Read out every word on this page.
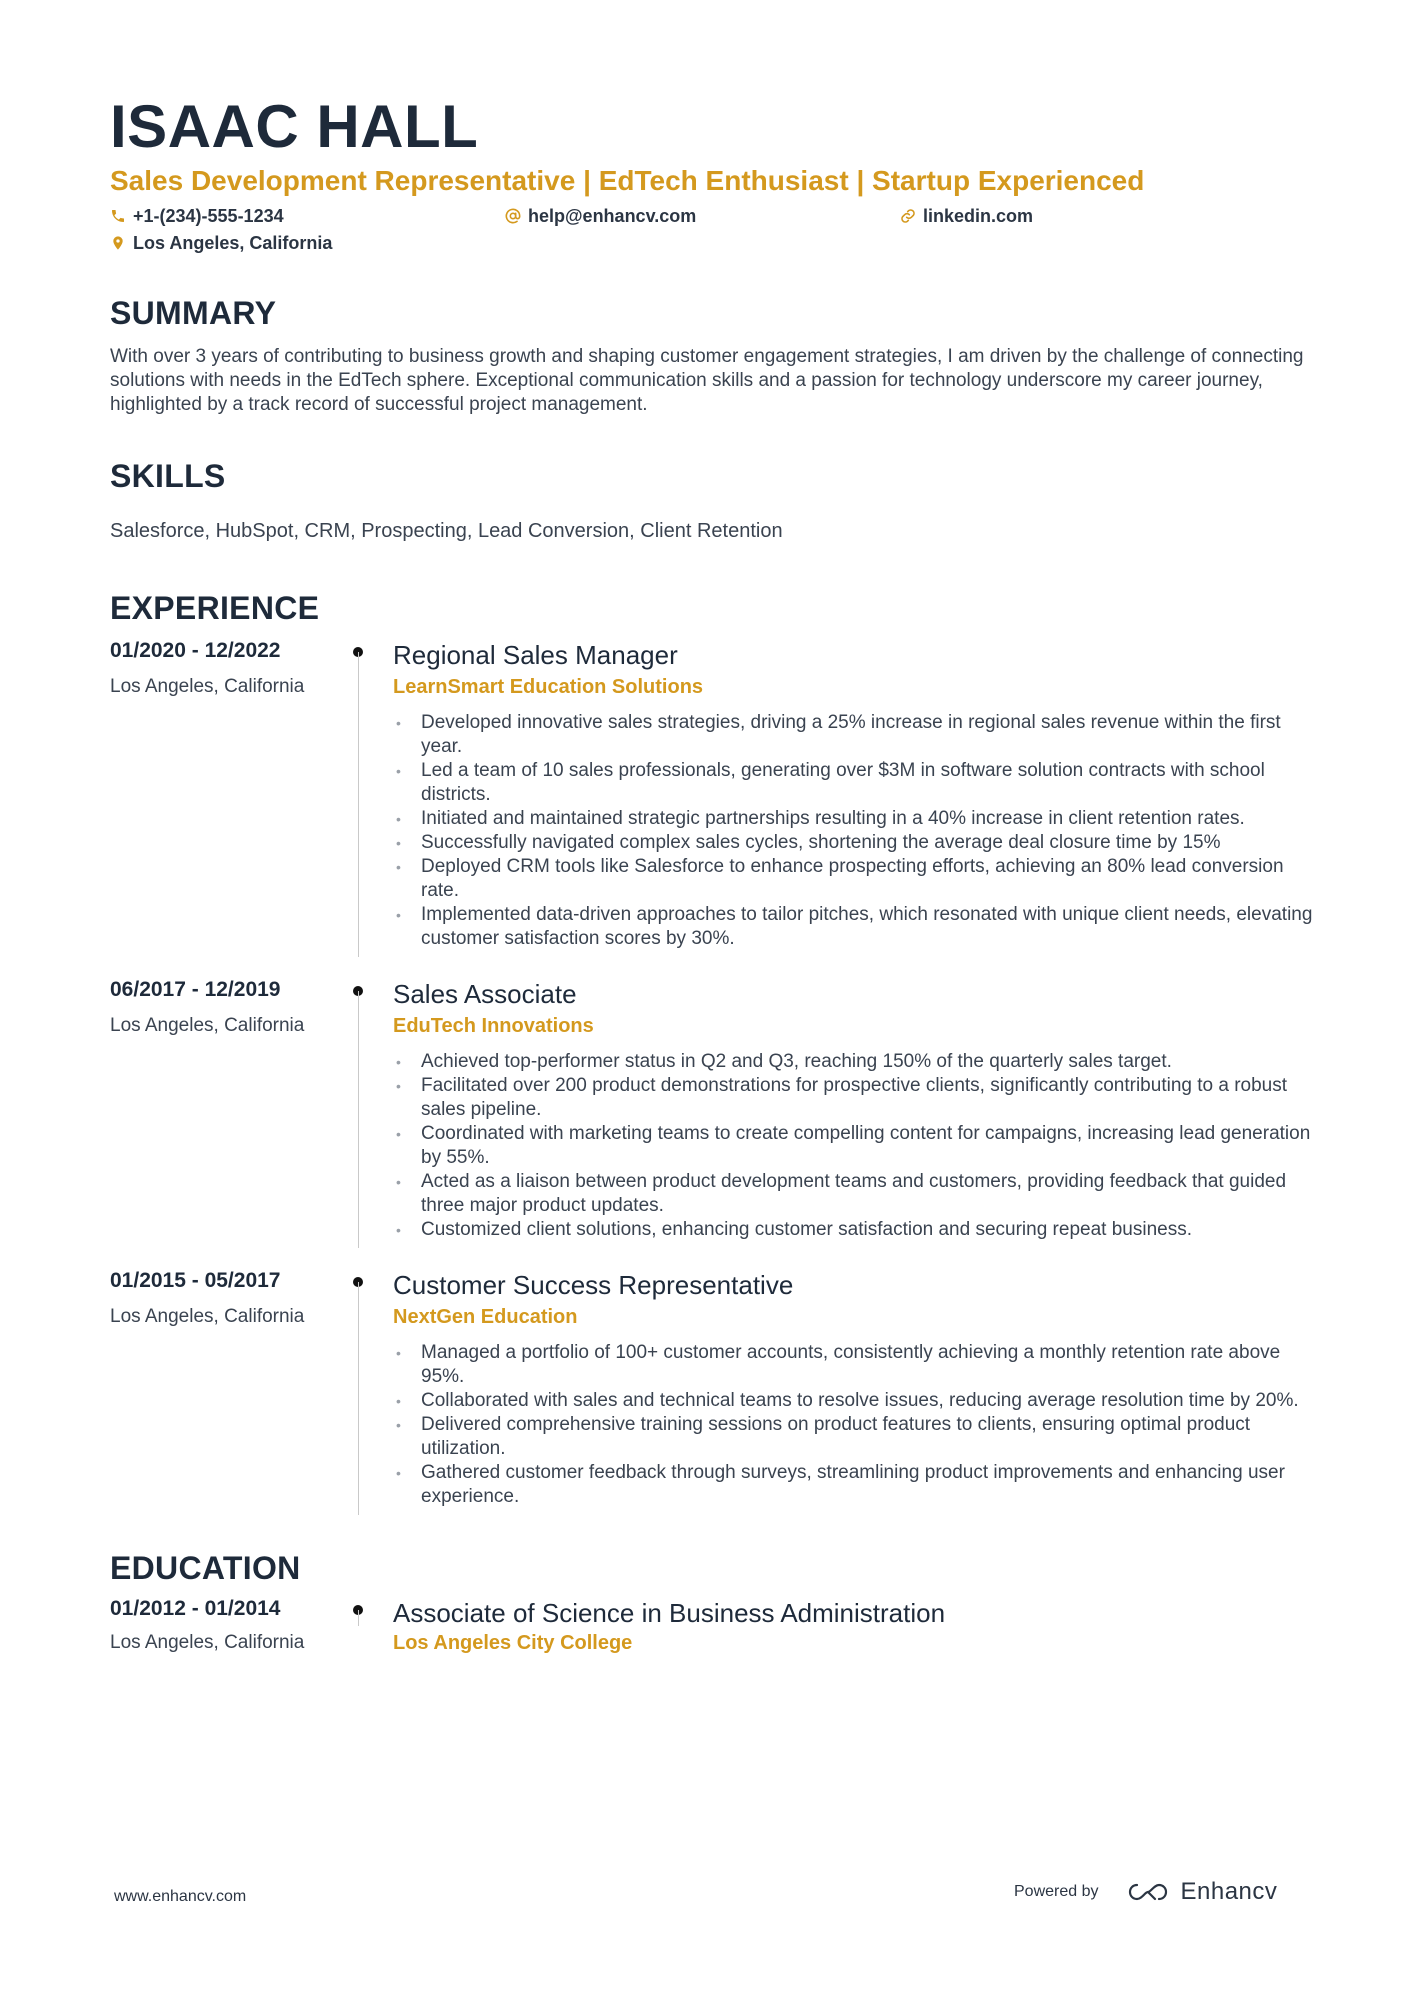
ISAAC HALL
Sales Development Representative | EdTech Enthusiast | Startup Experienced
+1-(234)-555-1234	help@enhancv.com	linkedin.com
Los Angeles, California
SUMMARY
With over 3 years of contributing to business growth and shaping customer engagement strategies, I am driven by the challenge of connecting solutions with needs in the EdTech sphere. Exceptional communication skills and a passion for technology underscore my career journey, highlighted by a track record of successful project management.
SKILLS
Salesforce, HubSpot, CRM, Prospecting, Lead Conversion, Client Retention
EXPERIENCE
01/2020 - 12/2022
Los Angeles, California
Regional Sales Manager
LearnSmart Education Solutions
• Developed innovative sales strategies, driving a 25% increase in regional sales revenue within the first year.
• Led a team of 10 sales professionals, generating over $3M in software solution contracts with school districts.
• Initiated and maintained strategic partnerships resulting in a 40% increase in client retention rates.
• Successfully navigated complex sales cycles, shortening the average deal closure time by 15%
• Deployed CRM tools like Salesforce to enhance prospecting efforts, achieving an 80% lead conversion rate.
• Implemented data-driven approaches to tailor pitches, which resonated with unique client needs, elevating customer satisfaction scores by 30%.
06/2017 - 12/2019
Los Angeles, California
Sales Associate
EduTech Innovations
• Achieved top-performer status in Q2 and Q3, reaching 150% of the quarterly sales target.
• Facilitated over 200 product demonstrations for prospective clients, significantly contributing to a robust sales pipeline.
• Coordinated with marketing teams to create compelling content for campaigns, increasing lead generation by 55%.
• Acted as a liaison between product development teams and customers, providing feedback that guided three major product updates.
• Customized client solutions, enhancing customer satisfaction and securing repeat business.
01/2015 - 05/2017
Los Angeles, California
Customer Success Representative
NextGen Education
• Managed a portfolio of 100+ customer accounts, consistently achieving a monthly retention rate above 95%.
• Collaborated with sales and technical teams to resolve issues, reducing average resolution time by 20%.
• Delivered comprehensive training sessions on product features to clients, ensuring optimal product utilization.
• Gathered customer feedback through surveys, streamlining product improvements and enhancing user experience.
EDUCATION
01/2012 - 01/2014
Los Angeles, California
Associate of Science in Business Administration
Los Angeles City College
www.enhancv.com	Powered by	Enhancv
